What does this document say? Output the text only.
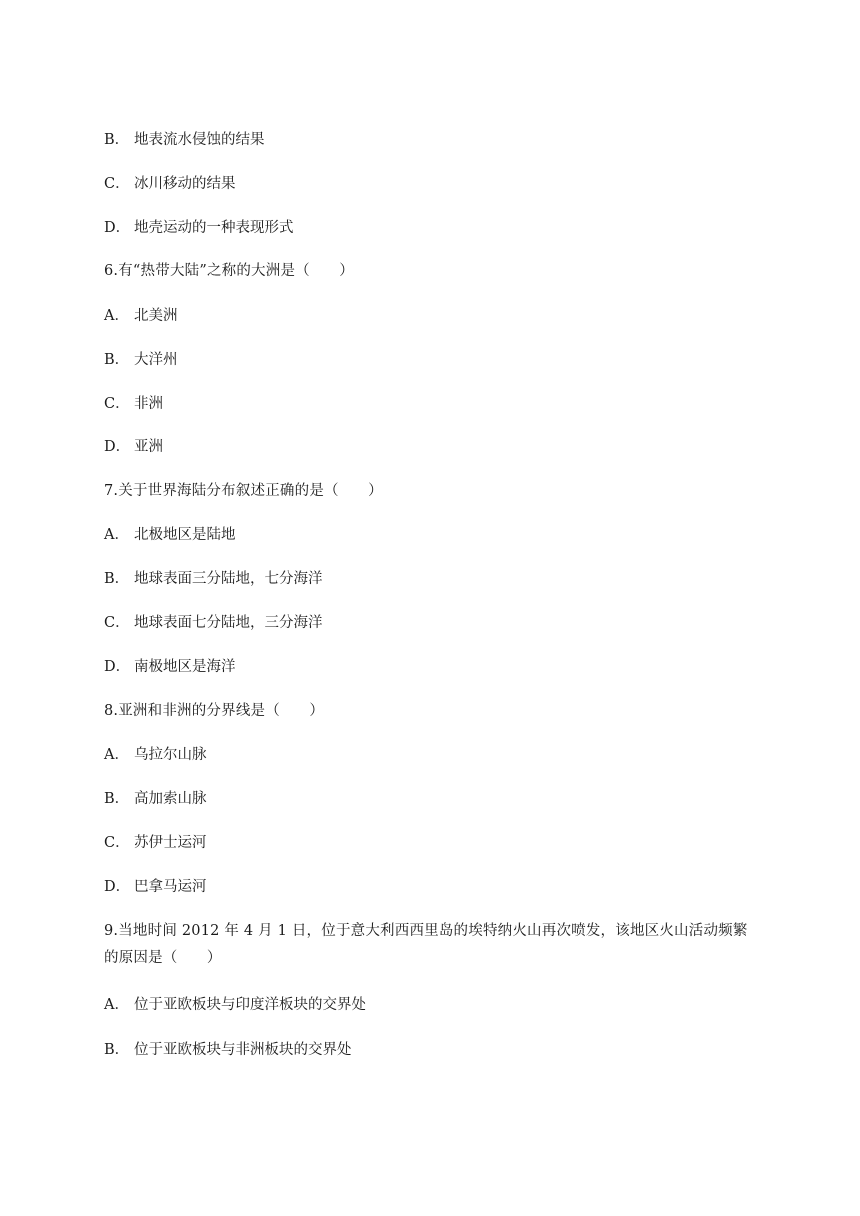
B． 地表流水侵蚀的结果
C． 冰川移动的结果
D． 地壳运动的一种表现形式
6.有“热带大陆”之称的大洲是（　　）
A． 北美洲
B． 大洋州
C． 非洲
D． 亚洲
7.关于世界海陆分布叙述正确的是（　　）
A． 北极地区是陆地
B． 地球表面三分陆地，七分海洋
C． 地球表面七分陆地，三分海洋
D． 南极地区是海洋
8.亚洲和非洲的分界线是（　　）
A． 乌拉尔山脉
B． 高加索山脉
C． 苏伊士运河
D． 巴拿马运河
9.当地时间 2012 年 4 月 1 日，位于意大利西西里岛的埃特纳火山再次喷发，该地区火山活动频繁
的原因是（　　）
A． 位于亚欧板块与印度洋板块的交界处
B． 位于亚欧板块与非洲板块的交界处
